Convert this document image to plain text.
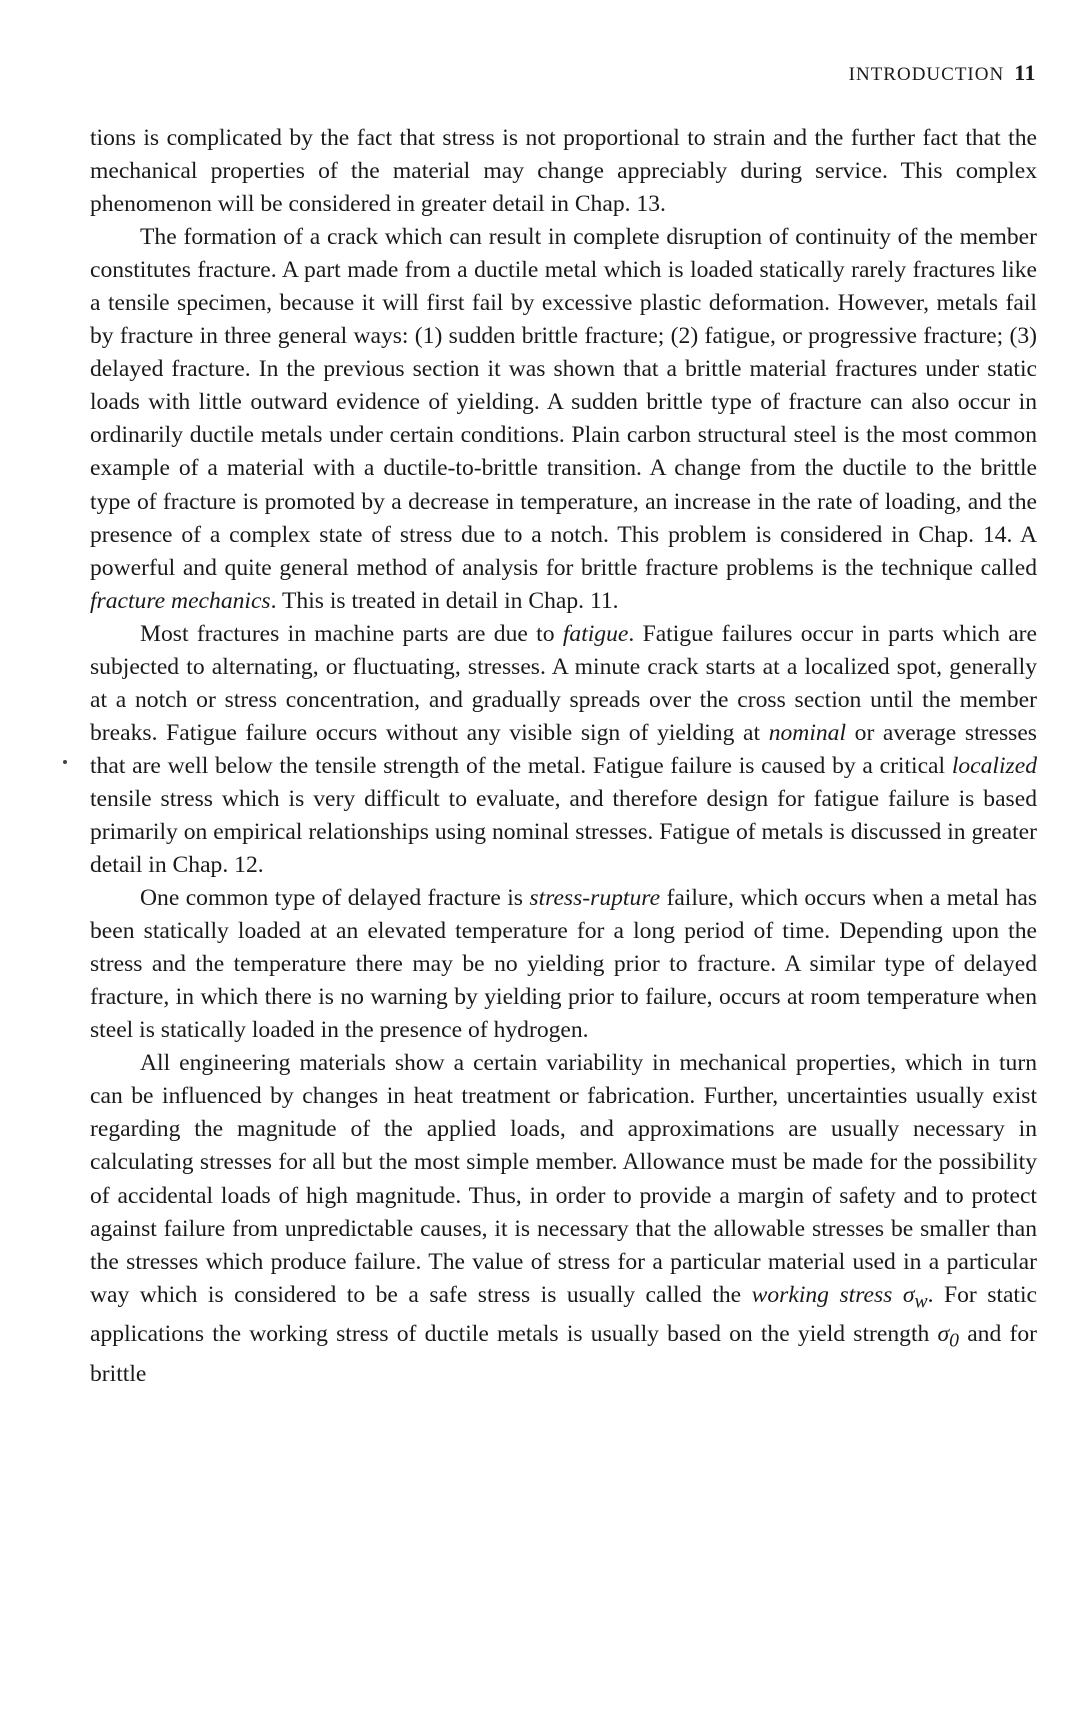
INTRODUCTION 11

tions is complicated by the fact that stress is not proportional to strain and the further fact that the mechanical properties of the material may change appreciably during service. This complex phenomenon will be considered in greater detail in Chap. 13.

The formation of a crack which can result in complete disruption of continuity of the member constitutes fracture. A part made from a ductile metal which is loaded statically rarely fractures like a tensile specimen, because it will first fail by excessive plastic deformation. However, metals fail by fracture in three general ways: (1) sudden brittle fracture; (2) fatigue, or progressive fracture; (3) delayed fracture. In the previous section it was shown that a brittle material fractures under static loads with little outward evidence of yielding. A sudden brittle type of fracture can also occur in ordinarily ductile metals under certain conditions. Plain carbon structural steel is the most common example of a material with a ductile-to-brittle transition. A change from the ductile to the brittle type of fracture is promoted by a decrease in temperature, an increase in the rate of loading, and the presence of a complex state of stress due to a notch. This problem is considered in Chap. 14. A powerful and quite general method of analysis for brittle fracture problems is the technique called fracture mechanics. This is treated in detail in Chap. 11.

Most fractures in machine parts are due to fatigue. Fatigue failures occur in parts which are subjected to alternating, or fluctuating, stresses. A minute crack starts at a localized spot, generally at a notch or stress concentration, and gradually spreads over the cross section until the member breaks. Fatigue failure occurs without any visible sign of yielding at nominal or average stresses that are well below the tensile strength of the metal. Fatigue failure is caused by a critical localized tensile stress which is very difficult to evaluate, and therefore design for fatigue failure is based primarily on empirical relationships using nominal stresses. Fatigue of metals is discussed in greater detail in Chap. 12.

One common type of delayed fracture is stress-rupture failure, which occurs when a metal has been statically loaded at an elevated temperature for a long period of time. Depending upon the stress and the temperature there may be no yielding prior to fracture. A similar type of delayed fracture, in which there is no warning by yielding prior to failure, occurs at room temperature when steel is statically loaded in the presence of hydrogen.

All engineering materials show a certain variability in mechanical properties, which in turn can be influenced by changes in heat treatment or fabrication. Further, uncertainties usually exist regarding the magnitude of the applied loads, and approximations are usually necessary in calculating stresses for all but the most simple member. Allowance must be made for the possibility of accidental loads of high magnitude. Thus, in order to provide a margin of safety and to protect against failure from unpredictable causes, it is necessary that the allowable stresses be smaller than the stresses which produce failure. The value of stress for a particular material used in a particular way which is considered to be a safe stress is usually called the working stress $\sigma_w$. For static applications the working stress of ductile metals is usually based on the yield strength $\sigma_0$ and for brittle
